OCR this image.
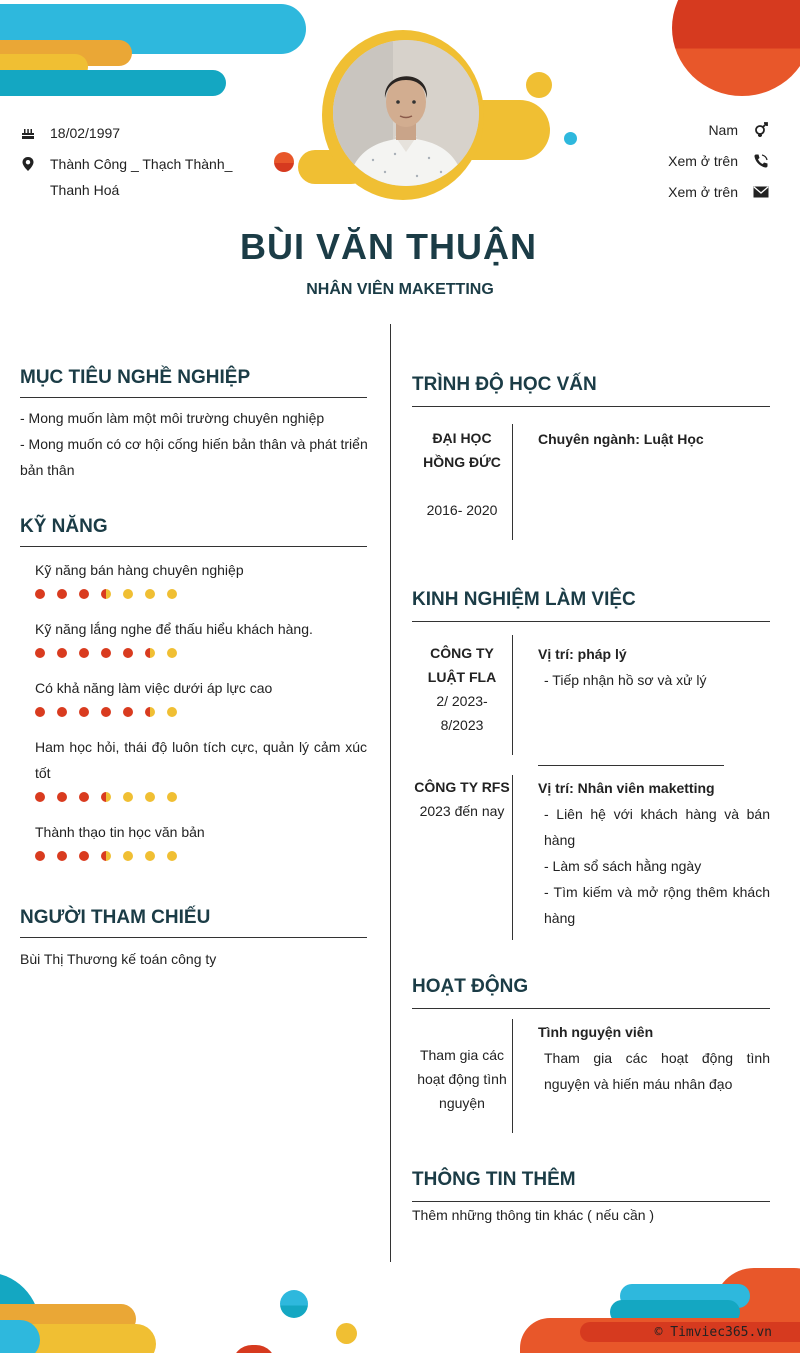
18/02/1997
Thành Công _ Thạch Thành_ Thanh Hoá
Nam
Xem ở trên
Xem ở trên
BÙI VĂN THUẬN
NHÂN VIÊN MAKETTING
MỤC TIÊU NGHỀ NGHIỆP
- Mong muốn làm một môi trường chuyên nghiệp
- Mong muốn có cơ hội cống hiến bản thân và phát triển bản thân
KỸ NĂNG
Kỹ năng bán hàng chuyên nghiệp
Kỹ năng lắng nghe để thấu hiểu khách hàng.
Có khả năng làm việc dưới áp lực cao
Ham học hỏi, thái độ luôn tích cực, quản lý cảm xúc tốt
Thành thạo tin học văn bản
NGƯỜI THAM CHIẾU
Bùi Thị Thương kế toán công ty
TRÌNH ĐỘ HỌC VẤN
ĐẠI HỌC
HỒNG ĐỨC
2016- 2020
Chuyên ngành: Luật Học
KINH NGHIỆM LÀM VIỆC
CÔNG TY
LUẬT FLA
2/ 2023-
8/2023
Vị trí: pháp lý
- Tiếp nhận hồ sơ và xử lý
CÔNG TY RFS
2023 đến nay
Vị trí: Nhân viên maketting
- Liên hệ với khách hàng và bán hàng
- Làm sổ sách hằng ngày
- Tìm kiếm và mở rộng thêm khách hàng
HOẠT ĐỘNG
Tham gia các
hoạt động tình
nguyện
Tình nguyện viên
Tham gia các hoạt động tình nguyện và hiến máu nhân đạo
THÔNG TIN THÊM
Thêm những thông tin khác ( nếu cần )
© Timviec365.vn
